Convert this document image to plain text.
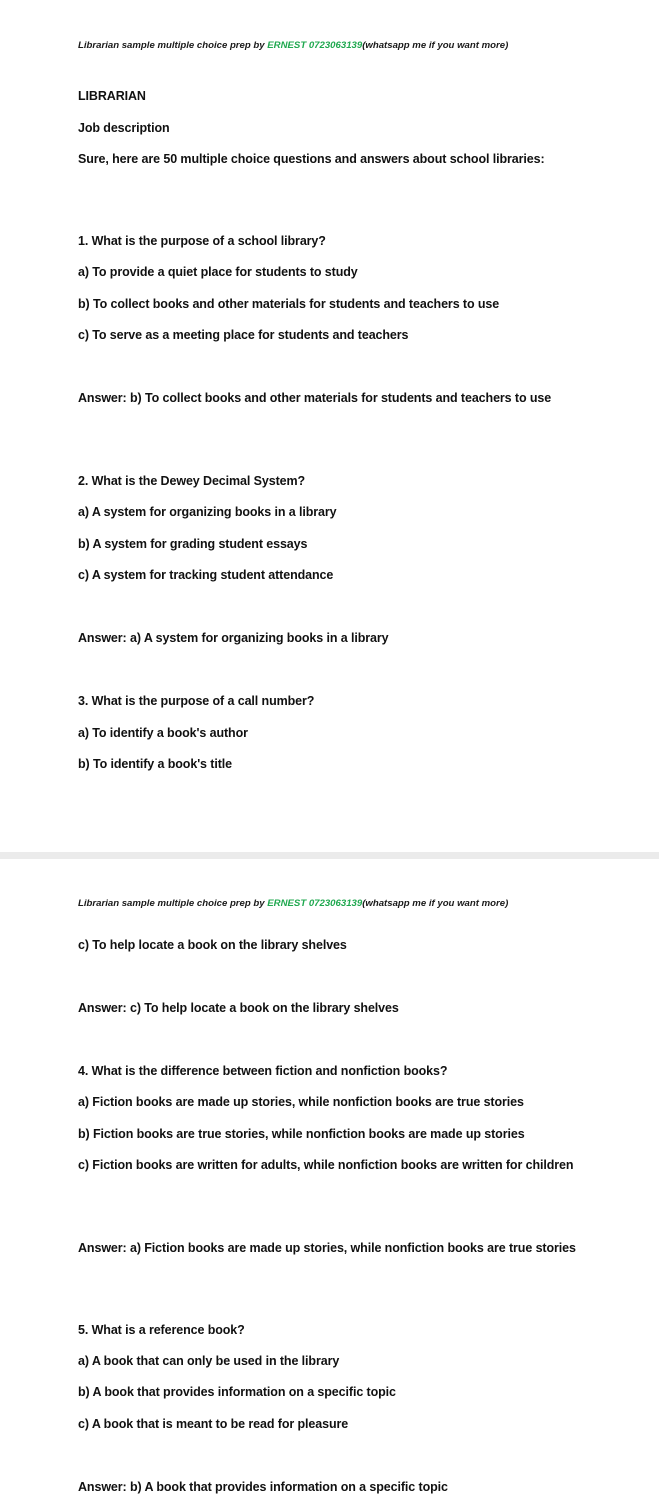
Librarian sample multiple choice prep by ERNEST 0723063139(whatsapp me if you want more)
LIBRARIAN
Job description
Sure, here are 50 multiple choice questions and answers about school libraries:
1. What is the purpose of a school library?
a) To provide a quiet place for students to study
b) To collect books and other materials for students and teachers to use
c) To serve as a meeting place for students and teachers
Answer: b) To collect books and other materials for students and teachers to use
2. What is the Dewey Decimal System?
a) A system for organizing books in a library
b) A system for grading student essays
c) A system for tracking student attendance
Answer: a) A system for organizing books in a library
3. What is the purpose of a call number?
a) To identify a book's author
b) To identify a book's title
Librarian sample multiple choice prep by ERNEST 0723063139(whatsapp me if you want more)
c) To help locate a book on the library shelves
Answer: c) To help locate a book on the library shelves
4. What is the difference between fiction and nonfiction books?
a) Fiction books are made up stories, while nonfiction books are true stories
b) Fiction books are true stories, while nonfiction books are made up stories
c) Fiction books are written for adults, while nonfiction books are written for children
Answer: a) Fiction books are made up stories, while nonfiction books are true stories
5. What is a reference book?
a) A book that can only be used in the library
b) A book that provides information on a specific topic
c) A book that is meant to be read for pleasure
Answer: b) A book that provides information on a specific topic
